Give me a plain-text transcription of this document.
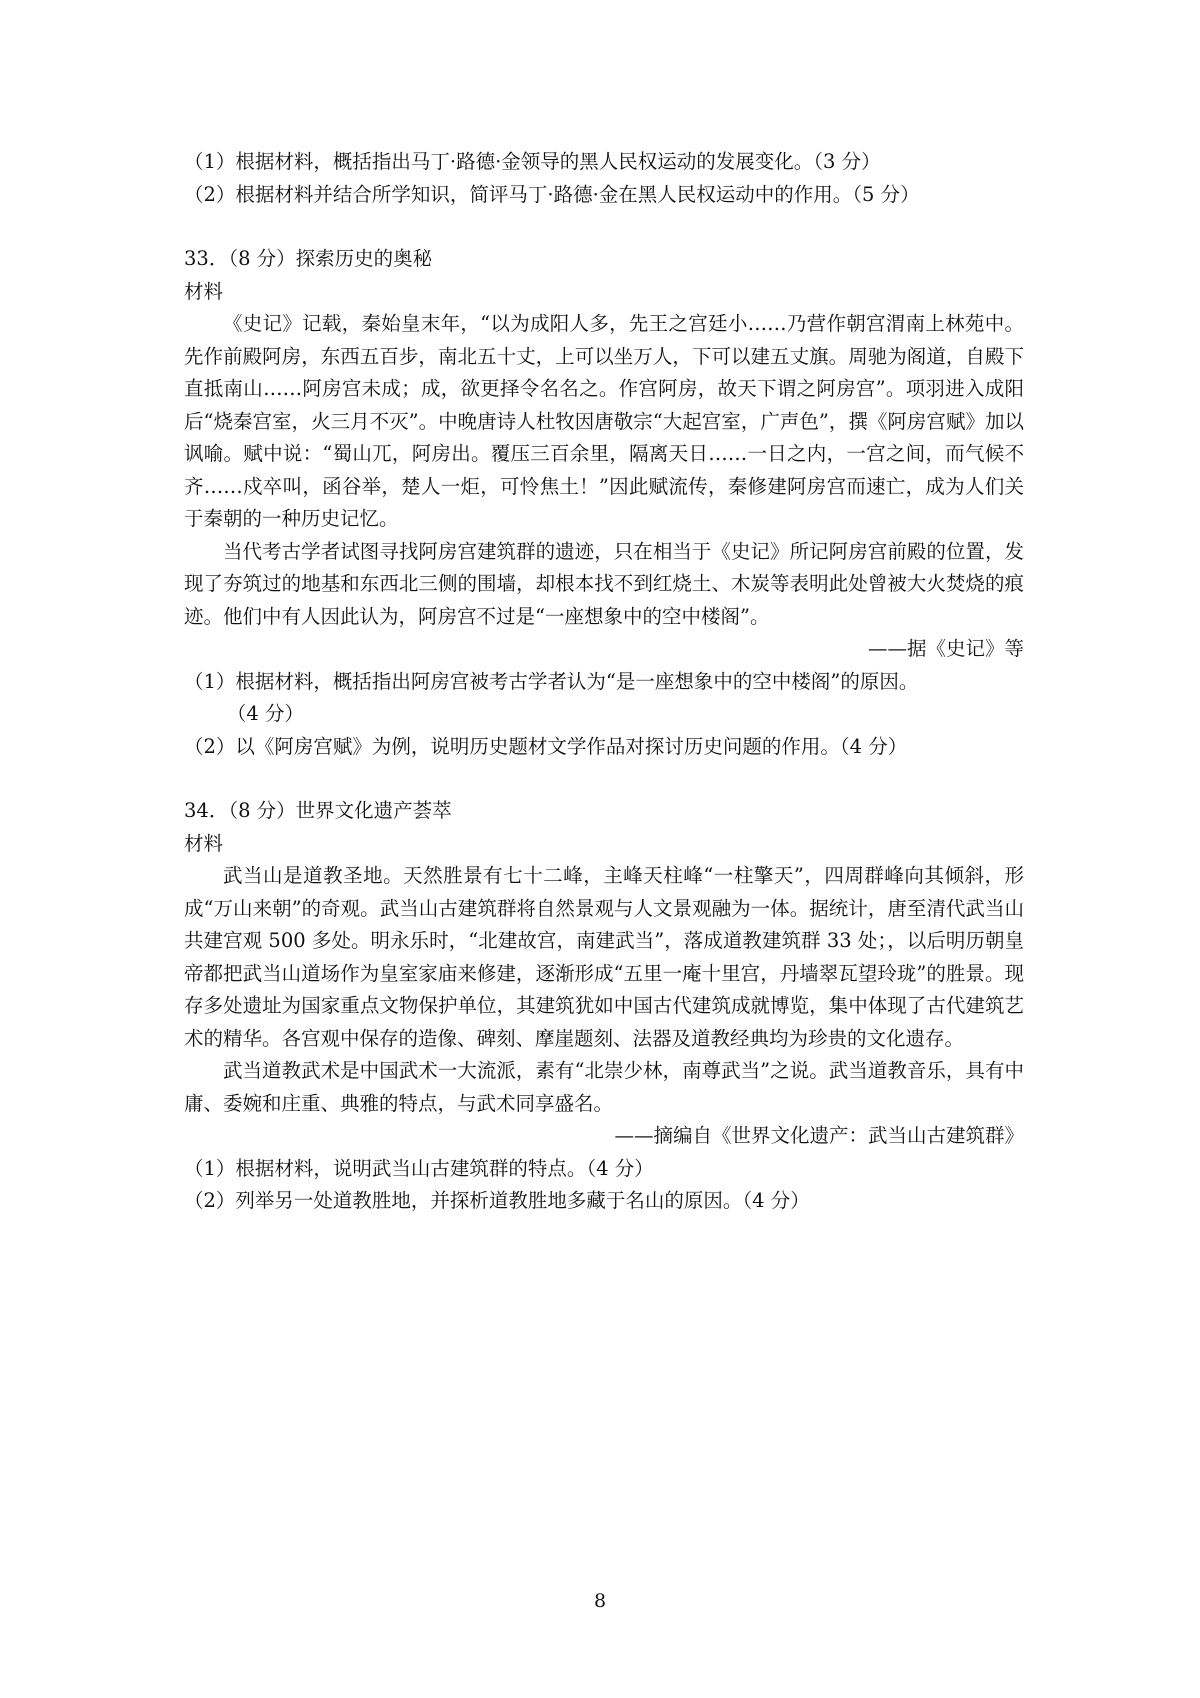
（1）根据材料，概括指出马丁·路德·金领导的黑人民权运动的发展变化。（3 分）
（2）根据材料并结合所学知识，简评马丁·路德·金在黑人民权运动中的作用。（5 分）
33．（8 分）探索历史的奥秘
材料
《史记》记载，秦始皇末年，“以为成阳人多，先王之宫廷小……乃营作朝宫渭南上林苑中。先作前殿阿房，东西五百步，南北五十丈，上可以坐万人，下可以建五丈旗。周驰为阁道，自殿下直抵南山……阿房宫未成；成，欲更择令名名之。作宫阿房，故天下谓之阿房宫”。项羽进入成阳后“烧秦宫室，火三月不灭”。中晚唐诗人杜牧因唐敬宗“大起宫室，广声色”，撰《阿房宫赋》加以讽喻。赋中说：“蜀山兀，阿房出。覆压三百余里，隔离天日……一日之内，一宫之间，而气候不齐……戍卒叫，函谷举，楚人一炬，可怜焦土！”因此赋流传，秦修建阿房宫而速亡，成为人们关于秦朝的一种历史记忆。
当代考古学者试图寻找阿房宫建筑群的遗迹，只在相当于《史记》所记阿房宫前殿的位置，发现了夯筑过的地基和东西北三侧的围墙，却根本找不到红烧土、木炭等表明此处曾被大火焚烧的痕迹。他们中有人因此认为，阿房宫不过是“一座想象中的空中楼阁”。
——据《史记》等
（1）根据材料，概括指出阿房宫被考古学者认为“是一座想象中的空中楼阁”的原因。
（4 分）
（2）以《阿房宫赋》为例，说明历史题材文学作品对探讨历史问题的作用。（4 分）
34．（8 分）世界文化遗产荟萃
材料
武当山是道教圣地。天然胜景有七十二峰，主峰天柱峰“一柱擎天”，四周群峰向其倾斜，形成“万山来朝”的奇观。武当山古建筑群将自然景观与人文景观融为一体。据统计，唐至清代武当山共建宫观 500 多处。明永乐时，“北建故宫，南建武当”，落成道教建筑群 33 处；，以后明历朝皇帝都把武当山道场作为皇室家庙来修建，逐渐形成“五里一庵十里宫，丹墙翠瓦望玲珑”的胜景。现存多处遗址为国家重点文物保护单位，其建筑犹如中国古代建筑成就博览，集中体现了古代建筑艺术的精华。各宫观中保存的造像、碑刻、摩崖题刻、法器及道教经典均为珍贵的文化遗存。
武当道教武术是中国武术一大流派，素有“北崇少林，南尊武当”之说。武当道教音乐，具有中庸、委婉和庄重、典雅的特点，与武术同享盛名。
——摘编自《世界文化遗产：武当山古建筑群》
（1）根据材料，说明武当山古建筑群的特点。（4 分）
（2）列举另一处道教胜地，并探析道教胜地多藏于名山的原因。（4 分）
8
